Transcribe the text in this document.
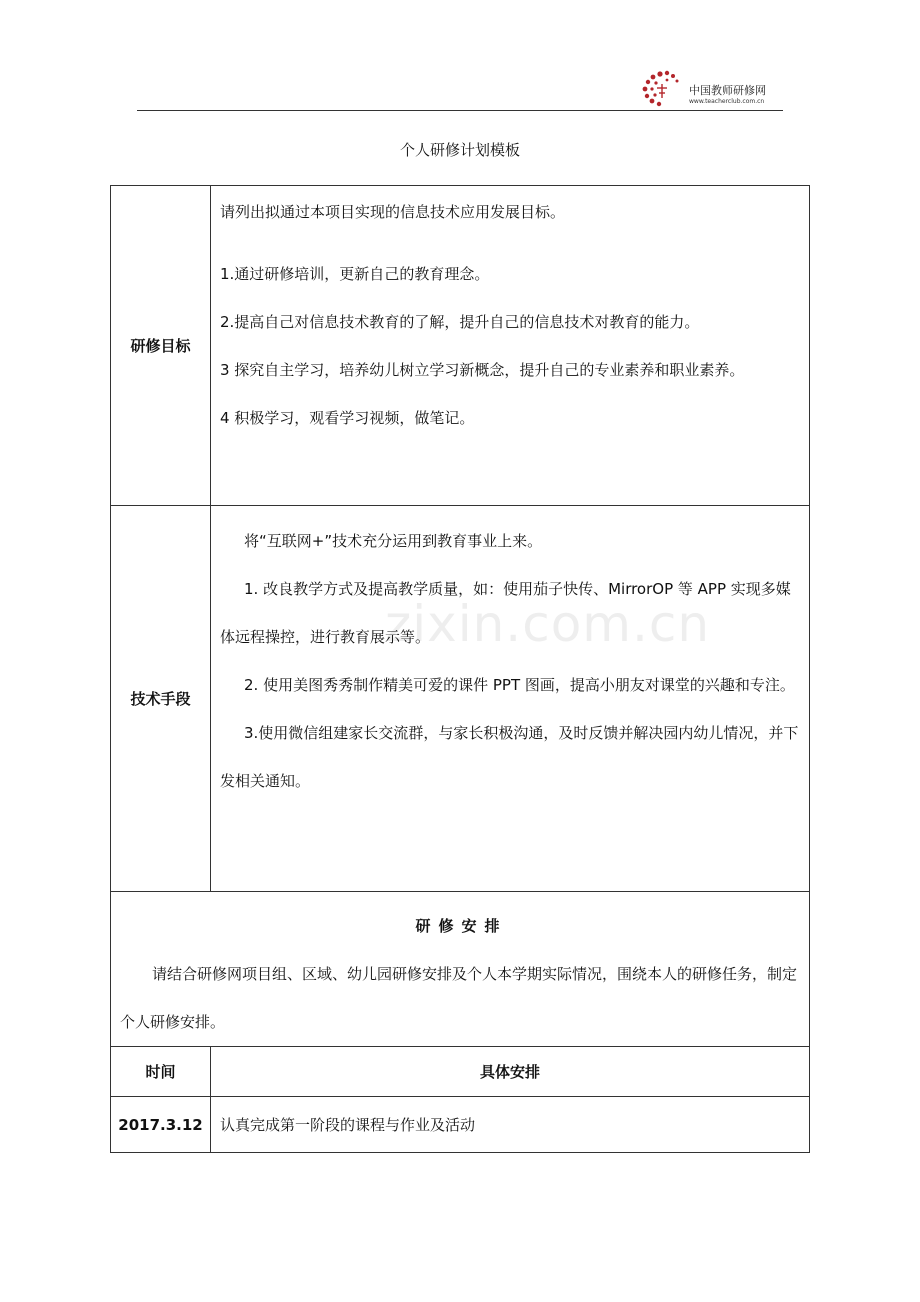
中国教师研修网
www.teacherclub.com.cn
个人研修计划模板
zixin.com.cn
研修目标	请列出拟通过本项目实现的信息技术应用发展目标。

1.通过研修培训，更新自己的教育理念。

2.提高自己对信息技术教育的了解，提升自己的信息技术对教育的能力。

3 探究自主学习，培养幼儿树立学习新概念，提升自己的专业素养和职业素养。

4 积极学习，观看学习视频，做笔记。

技术手段	将“互联网+”技术充分运用到教育事业上来。

1. 改良教学方式及提高教学质量，如：使用茄子快传、MirrorOP 等 APP 实现多媒体远程操控，进行教育展示等。

2. 使用美图秀秀制作精美可爱的课件 PPT 图画，提高小朋友对课堂的兴趣和专注。

3.使用微信组建家长交流群，与家长积极沟通，及时反馈并解决园内幼儿情况，并下发相关通知。

研修安排

请结合研修网项目组、区域、幼儿园研修安排及个人本学期实际情况，围绕本人的研修任务，制定个人研修安排。	

时间	具体安排
2017.3.12	认真完成第一阶段的课程与作业及活动
